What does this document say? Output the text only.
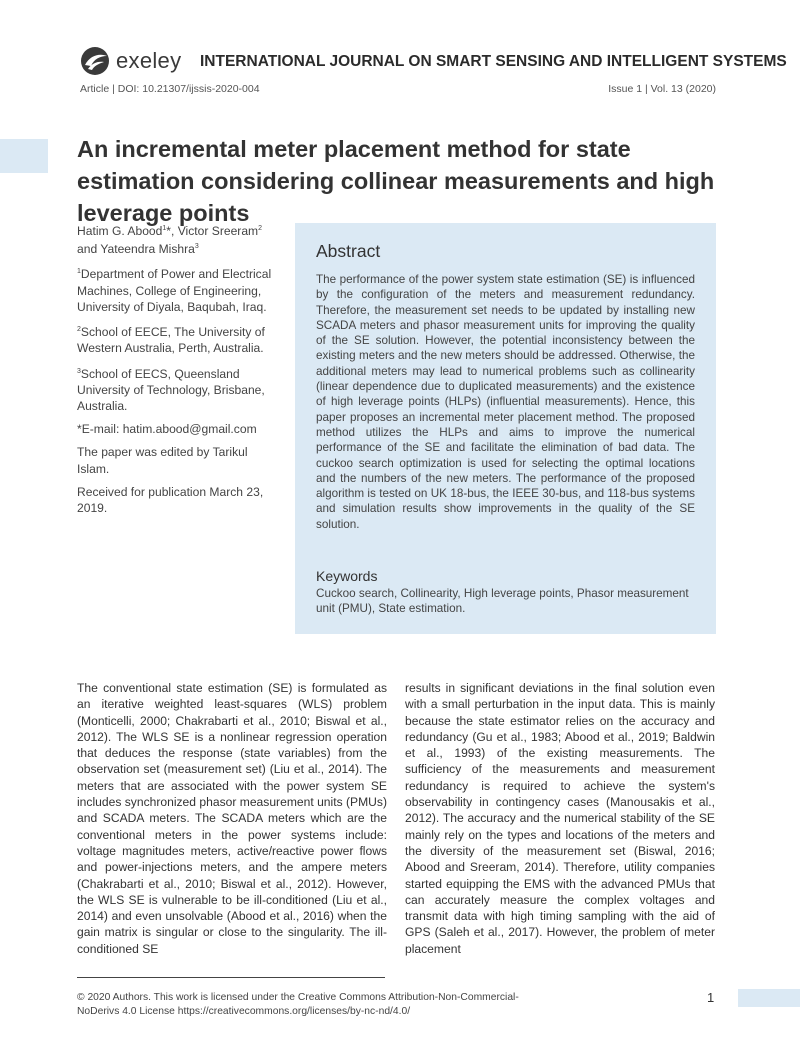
exeley INTERNATIONAL JOURNAL ON SMART SENSING AND INTELLIGENT SYSTEMS
Article | DOI: 10.21307/ijssis-2020-004	Issue 1 | Vol. 13 (2020)
An incremental meter placement method for state estimation considering collinear measurements and high leverage points

Hatim G. Abood$^1$*, Victor Sreeram$^2$
and Yateendra Mishra$^3$

$^1$Department of Power and Electrical Machines, College of Engineering, University of Diyala, Baqubah, Iraq.

$^2$School of EECE, The University of Western Australia, Perth, Australia.

$^3$School of EECS, Queensland University of Technology, Brisbane, Australia.

*E-mail: hatim.abood@gmail.com

The paper was edited by Tarikul Islam.

Received for publication March 23, 2019.

Abstract
The performance of the power system state estimation (SE) is influenced by the configuration of the meters and measurement redundancy. Therefore, the measurement set needs to be updated by installing new SCADA meters and phasor measurement units for improving the quality of the SE solution. However, the potential inconsistency between the existing meters and the new meters should be addressed. Otherwise, the additional meters may lead to numerical problems such as collinearity (linear dependence due to duplicated measurements) and the existence of high leverage points (HLPs) (influential measurements). Hence, this paper proposes an incremental meter placement method. The proposed method utilizes the HLPs and aims to improve the numerical performance of the SE and facilitate the elimination of bad data. The cuckoo search optimization is used for selecting the optimal locations and the numbers of the new meters. The performance of the proposed algorithm is tested on UK 18-bus, the IEEE 30-bus, and 118-bus systems and simulation results show improvements in the quality of the SE solution.
Keywords
Cuckoo search, Collinearity, High leverage points, Phasor measurement unit (PMU), State estimation.
The conventional state estimation (SE) is formulated as an iterative weighted least-squares (WLS) problem (Monticelli, 2000; Chakrabarti et al., 2010; Biswal et al., 2012). The WLS SE is a nonlinear regression operation that deduces the response (state variables) from the observation set (measurement set) (Liu et al., 2014). The meters that are associated with the power system SE includes synchronized phasor measurement units (PMUs) and SCADA meters. The SCADA meters which are the conventional meters in the power systems include: voltage magnitudes meters, active/reactive power flows and power-injections meters, and the ampere meters (Chakrabarti et al., 2010; Biswal et al., 2012). However, the WLS SE is vulnerable to be ill-conditioned (Liu et al., 2014) and even unsolvable (Abood et al., 2016) when the gain matrix is singular or close to the singularity. The ill-conditioned SE
results in significant deviations in the final solution even with a small perturbation in the input data. This is mainly because the state estimator relies on the accuracy and redundancy (Gu et al., 1983; Abood et al., 2019; Baldwin et al., 1993) of the existing measurements. The sufficiency of the measurements and measurement redundancy is required to achieve the system's observability in contingency cases (Manousakis et al., 2012). The accuracy and the numerical stability of the SE mainly rely on the types and locations of the meters and the diversity of the measurement set (Biswal, 2016; Abood and Sreeram, 2014). Therefore, utility companies started equipping the EMS with the advanced PMUs that can accurately measure the complex voltages and transmit data with high timing sampling with the aid of GPS (Saleh et al., 2017). However, the problem of meter placement
© 2020 Authors. This work is licensed under the Creative Commons Attribution-Non-Commercial-NoDerivs 4.0 License https://creativecommons.org/licenses/by-nc-nd/4.0/
1
